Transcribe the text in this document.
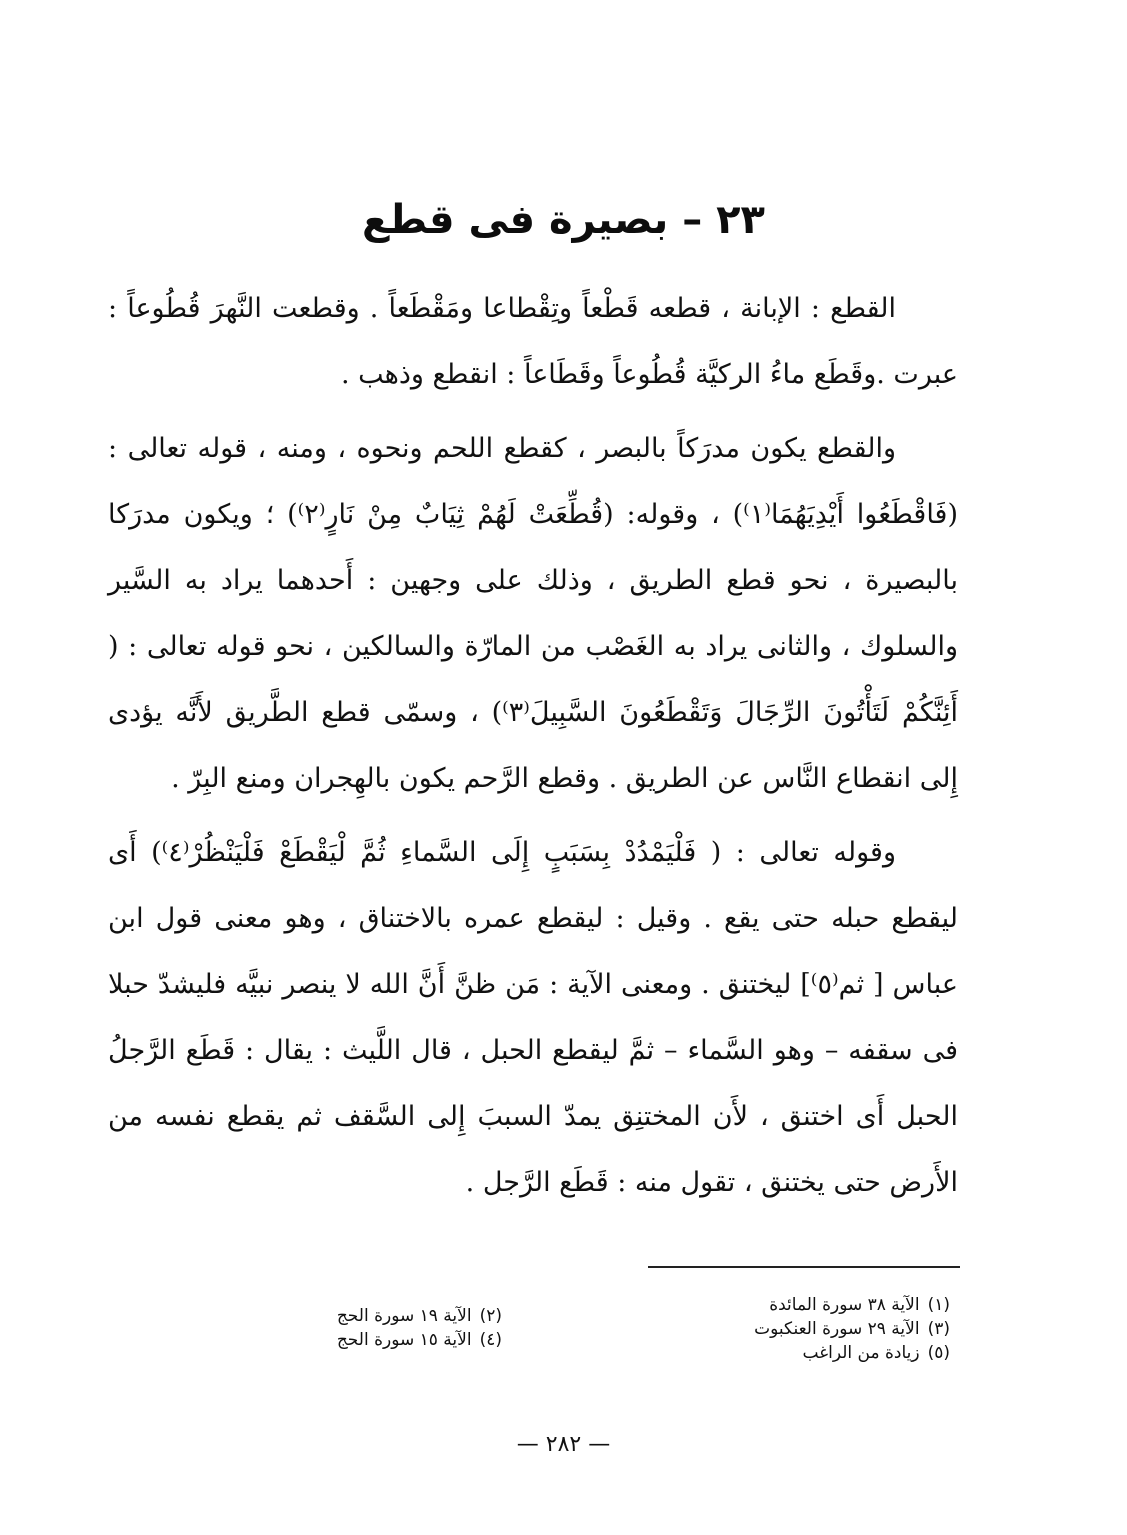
٢٣ – بصيرة فى قطع

القطع : الإبانة ، قطعه قَطْعاً وتِقْطاعا ومَقْطَعاً . وقطعت النَّهرَ قُطُوعاً : عبرت .وقَطَع ماءُ الركيَّة قُطُوعاً وقَطَاعاً : انقطع وذهب .

والقطع يكون مدرَكاً بالبصر ، كقطع اللحم ونحوه ، ومنه ، قوله تعالى : (فَاقْطَعُوا أَيْدِيَهُمَا⁽١⁾) ، وقوله: (قُطِّعَتْ لَهُمْ ثِيَابٌ مِنْ نَارٍ⁽٢⁾) ؛ ويكون مدرَكا بالبصيرة ، نحو قطع الطريق ، وذلك على وجهين : أَحدهما يراد به السَّير والسلوك ، والثانى يراد به الغَصْب من المارّة والسالكين ، نحو قوله تعالى : ( أَئِنَّكُمْ لَتَأْتُونَ الرِّجَالَ وَتَقْطَعُونَ السَّبِيلَ⁽٣⁾) ، وسمّى قطع الطَّريق لأَنَّه يؤدى إِلى انقطاع النَّاس عن الطريق . وقطع الرَّحم يكون بالهِجران ومنع البِرّ .

وقوله تعالى : ( فَلْيَمْدُدْ بِسَبَبٍ إِلَى السَّماءِ ثُمَّ لْيَقْطَعْ فَلْيَنْظُرْ⁽٤⁾) أَى ليقطع حبله حتى يقع . وقيل : ليقطع عمره بالاختناق ، وهو معنى قول ابن عباس [ ثم⁽٥⁾] ليختنق . ومعنى الآية : مَن ظنَّ أَنَّ الله لا ينصر نبيَّه فليشدّ حبلا فى سقفه – وهو السَّماء – ثمَّ ليقطع الحبل ، قال اللَّيث : يقال : قَطَع الرَّجلُ الحبل أَى اختنق ، لأَن المختنِق يمدّ السببَ إِلى السَّقف ثم يقطع نفسه من الأَرض حتى يختنق ، تقول منه : قَطَع الرَّجل .

(١)الآية ٣٨ سورة المائدة
(٣)الآية ٢٩ سورة العنكبوت
(٥)زيادة من الراغب
(٢)الآية ١٩ سورة الحج
(٤)الآية ١٥ سورة الحج
— ٢٨٢ —
